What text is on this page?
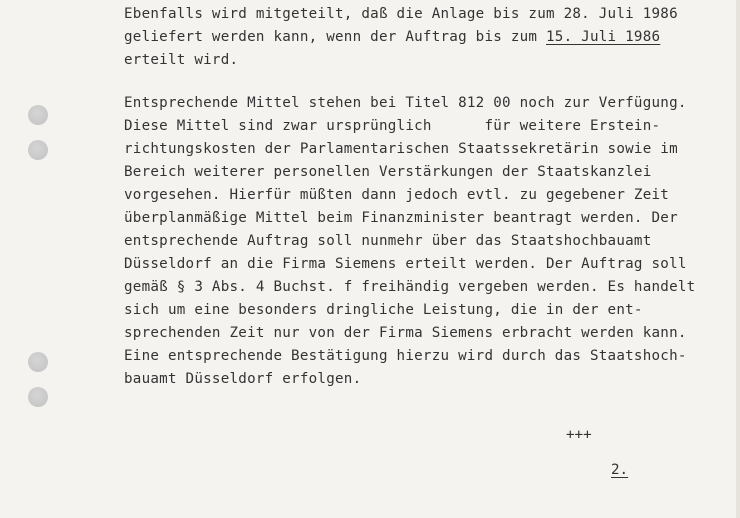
Ebenfalls wird mitgeteilt, daß die Anlage bis zum 28. Juli 1986
geliefert werden kann, wenn der Auftrag bis zum 15. Juli 1986
erteilt wird.
Entsprechende Mittel stehen bei Titel 812 00 noch zur Verfügung.
Diese Mittel sind zwar ursprünglich      für weitere Erstein-
richtungskosten der Parlamentarischen Staatssekretärin sowie im
Bereich weiterer personellen Verstärkungen der Staatskanzlei
vorgesehen. Hierfür müßten dann jedoch evtl. zu gegebener Zeit
überplanmäßige Mittel beim Finanzminister beantragt werden. Der
entsprechende Auftrag soll nunmehr über das Staatshochbauamt
Düsseldorf an die Firma Siemens erteilt werden. Der Auftrag soll
gemäß § 3 Abs. 4 Buchst. f freihändig vergeben werden. Es handelt
sich um eine besonders dringliche Leistung, die in der ent-
sprechenden Zeit nur von der Firma Siemens erbracht werden kann.
Eine entsprechende Bestätigung hierzu wird durch das Staatshoch-
bauamt Düsseldorf erfolgen.
+++
2.
